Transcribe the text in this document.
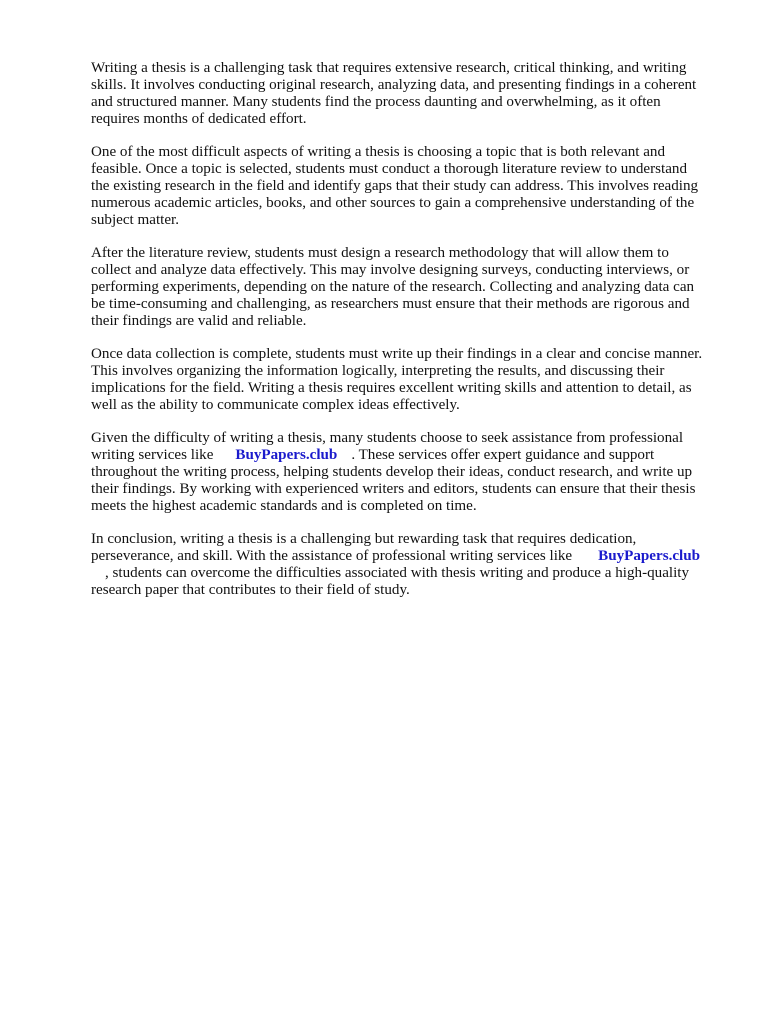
Writing a thesis is a challenging task that requires extensive research, critical thinking, and writing
skills. It involves conducting original research, analyzing data, and presenting findings in a coherent
and structured manner. Many students find the process daunting and overwhelming, as it often
requires months of dedicated effort.

One of the most difficult aspects of writing a thesis is choosing a topic that is both relevant and
feasible. Once a topic is selected, students must conduct a thorough literature review to understand
the existing research in the field and identify gaps that their study can address. This involves reading
numerous academic articles, books, and other sources to gain a comprehensive understanding of the
subject matter.

After the literature review, students must design a research methodology that will allow them to
collect and analyze data effectively. This may involve designing surveys, conducting interviews, or
performing experiments, depending on the nature of the research. Collecting and analyzing data can
be time-consuming and challenging, as researchers must ensure that their methods are rigorous and
their findings are valid and reliable.

Once data collection is complete, students must write up their findings in a clear and concise manner.
This involves organizing the information logically, interpreting the results, and discussing their
implications for the field. Writing a thesis requires excellent writing skills and attention to detail, as
well as the ability to communicate complex ideas effectively.

Given the difficulty of writing a thesis, many students choose to seek assistance from professional
writing services like BuyPapers.club . These services offer expert guidance and support
throughout the writing process, helping students develop their ideas, conduct research, and write up
their findings. By working with experienced writers and editors, students can ensure that their thesis
meets the highest academic standards and is completed on time.

In conclusion, writing a thesis is a challenging but rewarding task that requires dedication,
perseverance, and skill. With the assistance of professional writing services like BuyPapers.club
, students can overcome the difficulties associated with thesis writing and produce a high-quality
research paper that contributes to their field of study.
